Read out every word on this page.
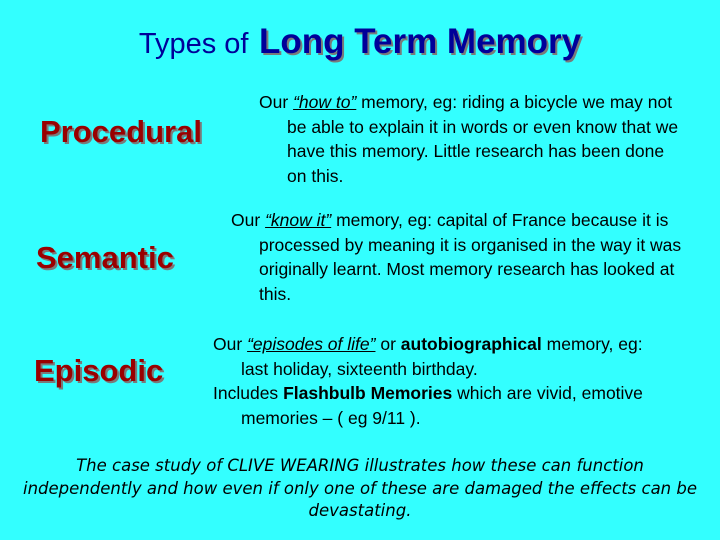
Types of Long Term Memory
Procedural
Our “how to” memory, eg: riding a bicycle we may not be able to explain it in words or even know that we have this memory. Little research has been done on this.
Semantic
Our “know it” memory, eg: capital of France because it is processed by meaning it is organised in the way it was originally learnt. Most memory research has looked at this.
Episodic
Our “episodes of life” or autobiographical memory, eg: last holiday, sixteenth birthday.
Includes Flashbulb Memories which are vivid, emotive memories – ( eg 9/11 ).
The case study of CLIVE WEARING illustrates how these can function independently and how even if only one of these are damaged the effects can be devastating.
